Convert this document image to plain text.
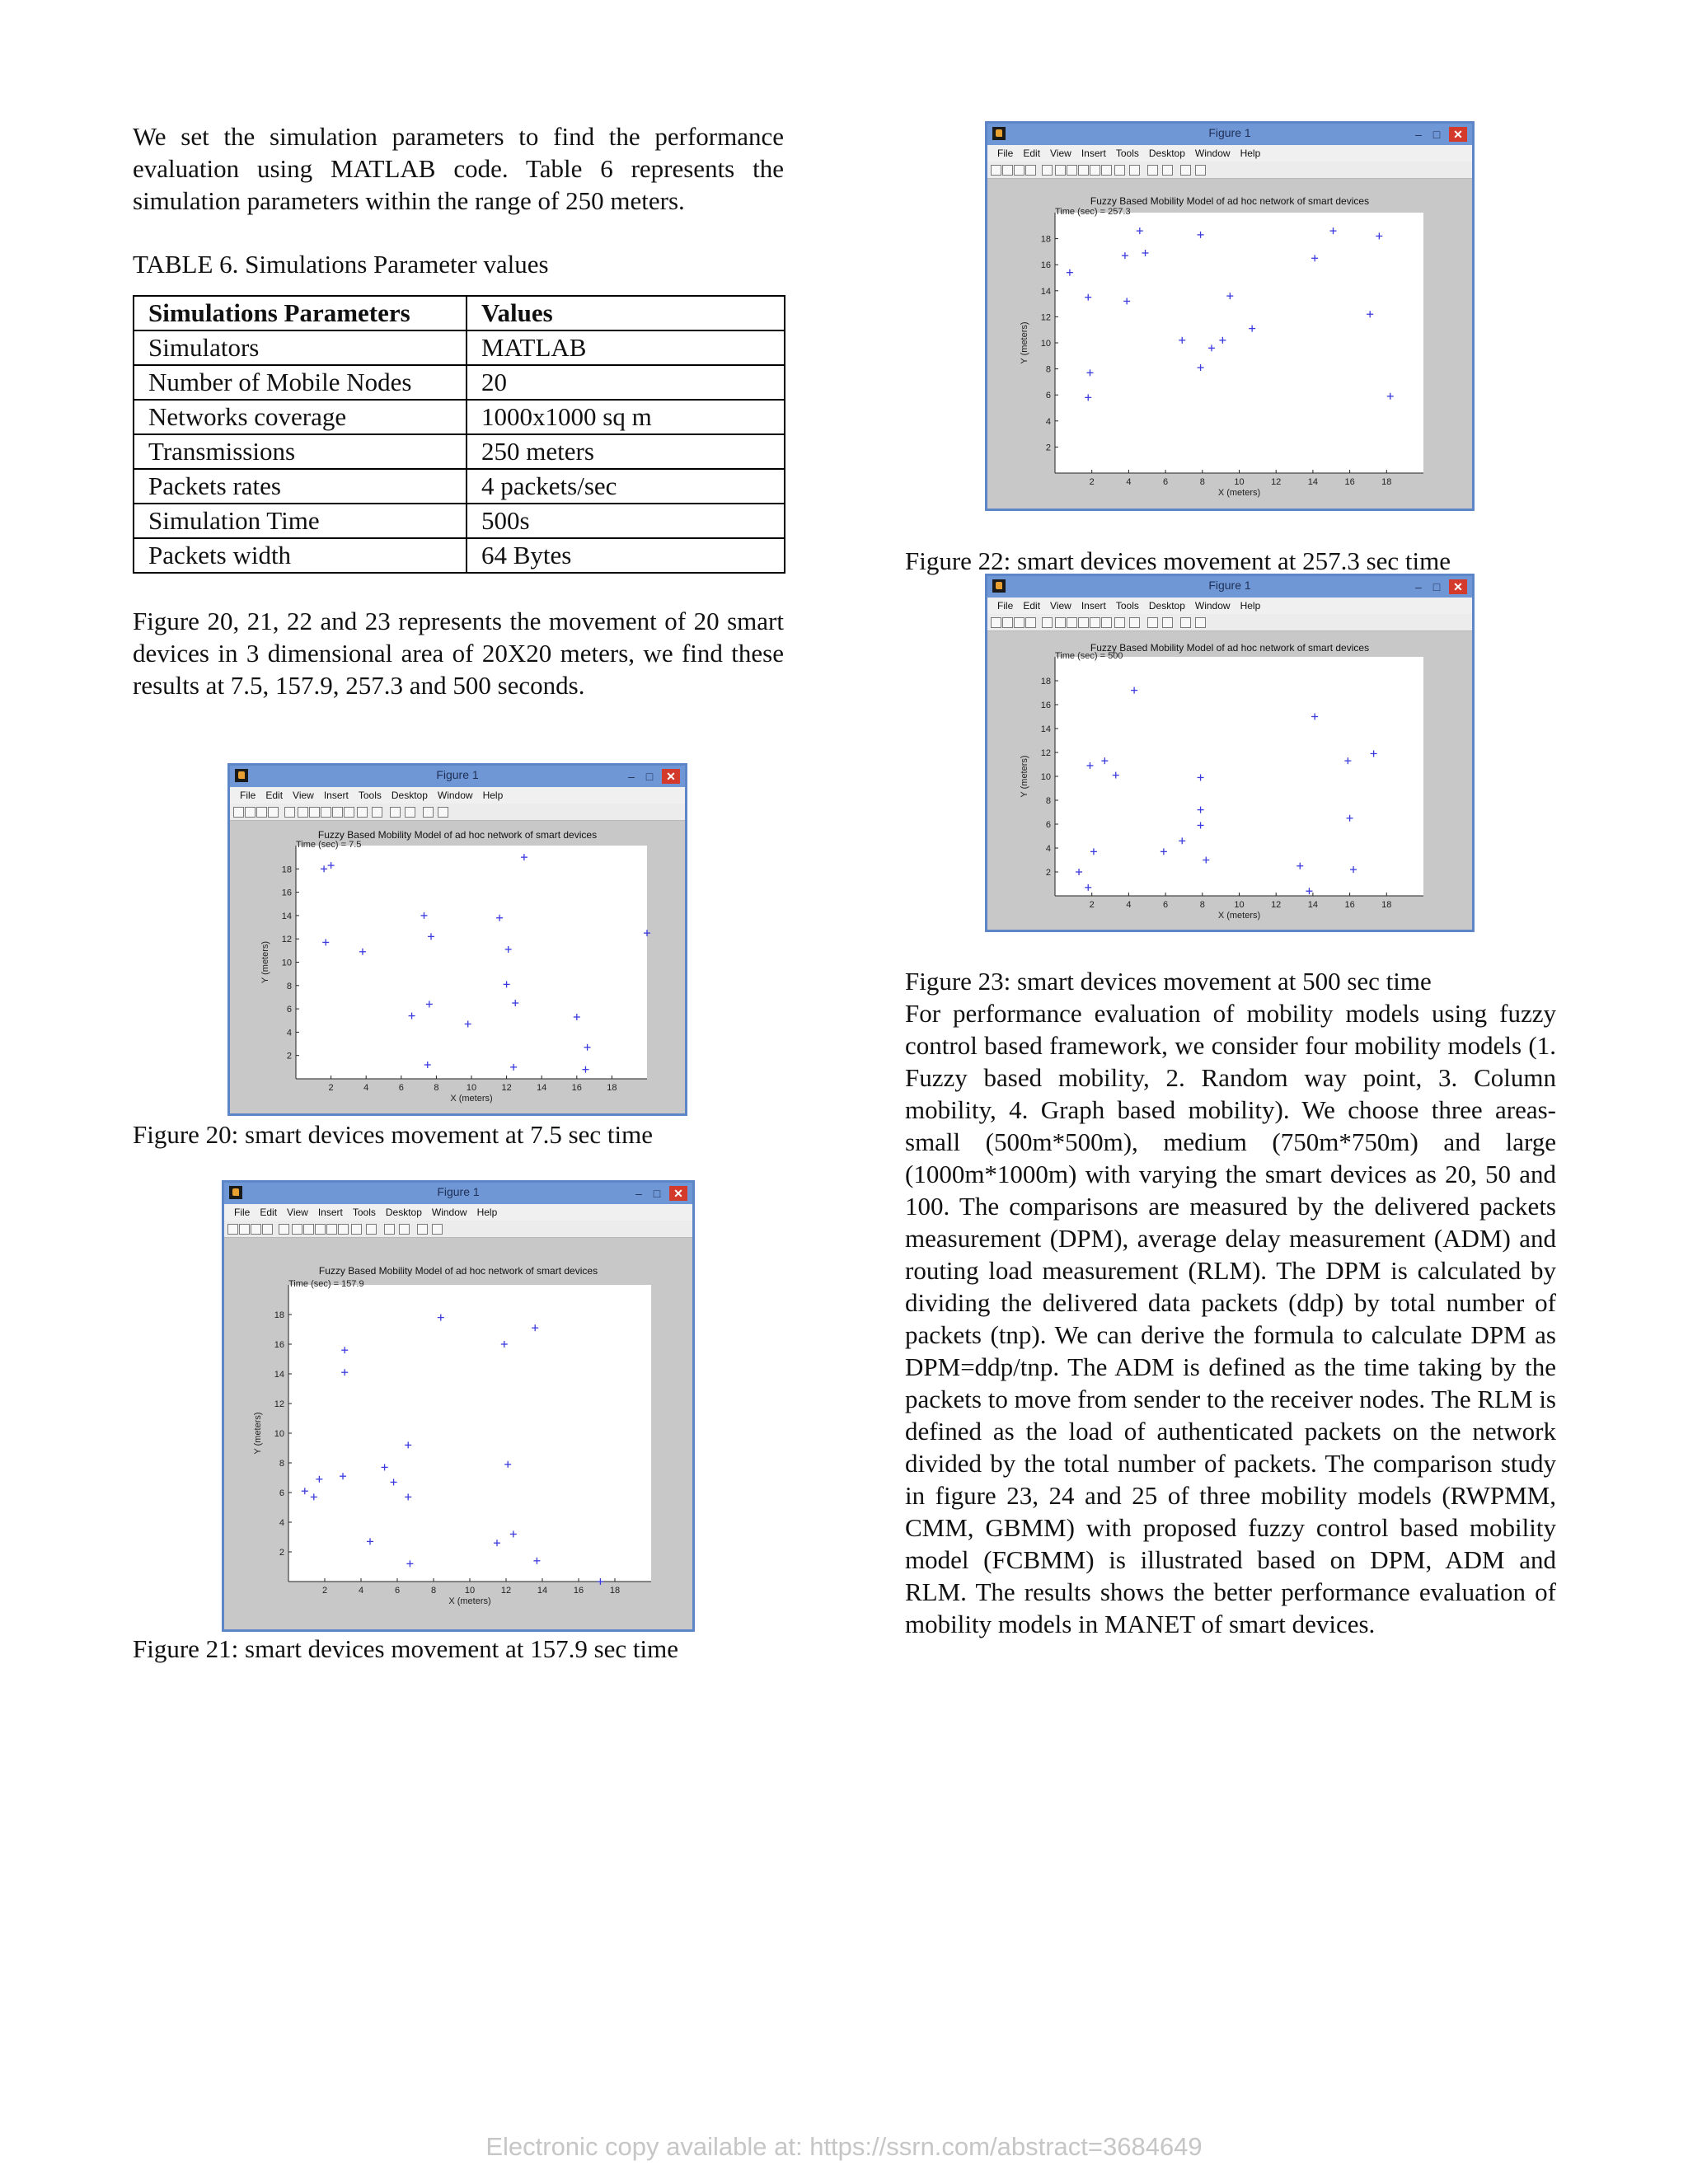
We set the simulation parameters to find the performance evaluation using MATLAB code. Table 6 represents the simulation parameters within the range of 250 meters.

TABLE 6. Simulations Parameter values
Simulations Parameters	Values
Simulators	MATLAB
Number of Mobile Nodes	20
Networks coverage	1000x1000 sq m
Transmissions	250 meters
Packets rates	4 packets/sec
Simulation Time	500s
Packets width	64 Bytes

Figure 20, 21, 22 and 23 represents the movement of 20 smart devices in 3 dimensional area of 20X20 meters, we find these results at 7.5, 157.9, 257.3 and 500 seconds.

Fuzzy Based Mobility Model of ad hoc network of smart devices
Time (sec) = 7.5
2	4	6	8	10	12	14	16	18
2
4
6
8
10
12
14
16
18
X (meters)
Y (meters)
Figure 1	– □ ✕
File Edit View Insert Tools Desktop Window Help
Fuzzy Based Mobility Model of ad hoc network of smart devices
Time (sec) = 157.9
2	4	6	8	10	12	14	16	18
2
4
6
8
10
12
14
16
18
X (meters)
Y (meters)
Figure 1	– □ ✕
File Edit View Insert Tools Desktop Window Help
Fuzzy Based Mobility Model of ad hoc network of smart devices
Time (sec) = 257.3
2	4	6	8	10	12	14	16	18
2
4
6
8
10
12
14
16
18
X (meters)
Y (meters)
Figure 1	– □ ✕
File Edit View Insert Tools Desktop Window Help
Fuzzy Based Mobility Model of ad hoc network of smart devices
Time (sec) = 500
2	4	6	8	10	12	14	16	18
2
4
6
8
10
12
14
16
18
X (meters)
Y (meters)
Figure 1	– □ ✕
File Edit View Insert Tools Desktop Window Help
Figure 20: smart devices movement at 7.5 sec time
Figure 21: smart devices movement at 157.9 sec time
Figure 22: smart devices movement at 257.3 sec time
Figure 23: smart devices movement at 500 sec time

For performance evaluation of mobility models using fuzzy control based framework, we consider four mobility models (1. Fuzzy based mobility, 2. Random way point, 3. Column mobility, 4. Graph based mobility). We choose three areas- small (500m*500m), medium (750m*750m) and large (1000m*1000m) with varying the smart devices as 20, 50 and 100. The comparisons are measured by the delivered packets measurement (DPM), average delay measurement (ADM) and routing load measurement (RLM). The DPM is calculated by dividing the delivered data packets (ddp) by total number of packets (tnp). We can derive the formula to calculate DPM as DPM=ddp/tnp. The ADM is defined as the time taking by the packets to move from sender to the receiver nodes. The RLM is defined as the load of authenticated packets on the network divided by the total number of packets. The comparison study in figure 23, 24 and 25 of three mobility models (RWPMM, CMM, GBMM) with proposed fuzzy control based mobility model (FCBMM) is illustrated based on DPM, ADM and RLM. The results shows the better performance evaluation of mobility models in MANET of smart devices.

Electronic copy available at: https://ssrn.com/abstract=3684649
